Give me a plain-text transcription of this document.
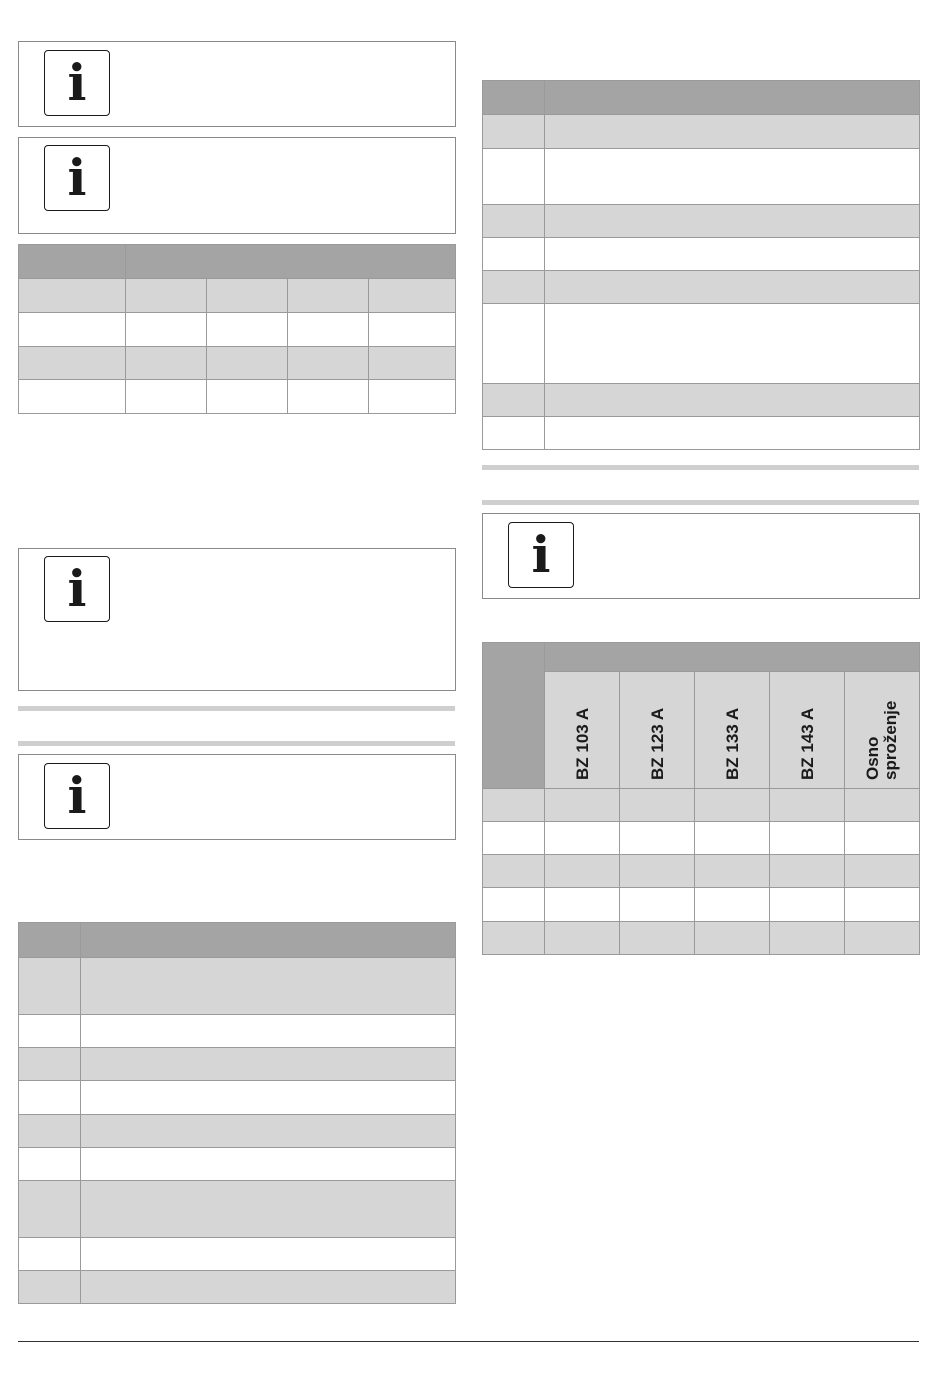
i
i

i
i

i

	BZ 103 A	BZ 123 A	BZ 133 A	BZ 143 A	Osno
sproženje
